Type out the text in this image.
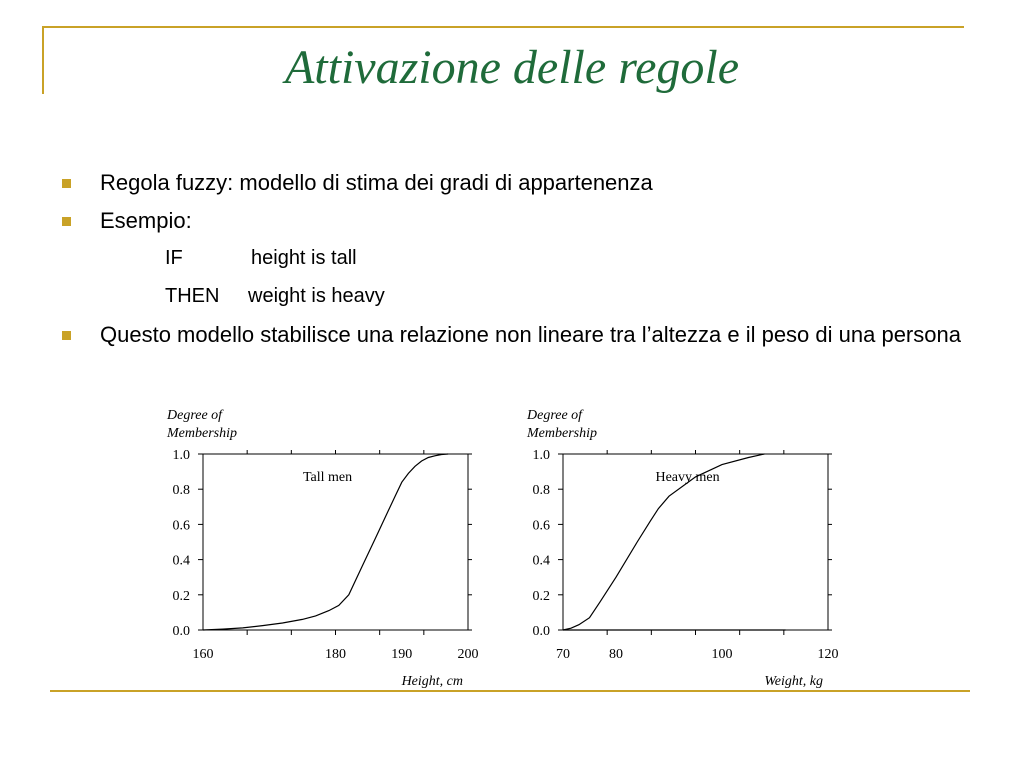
Attivazione delle regole
Regola fuzzy: modello di stima dei gradi di appartenenza
Esempio:
IF	height is tall
THEN weight is heavy
Questo modello stabilisce una relazione non lineare tra l’altezza e il peso di una persona
Degree of
Membership
0.0
0.2
0.4
0.6
0.8
1.0
160	180	190	200
Height, cm
Tall men
Degree of
Membership
0.0
0.2
0.4
0.6
0.8
1.0
70	80	100	120
Weight, kg
Heavy men
